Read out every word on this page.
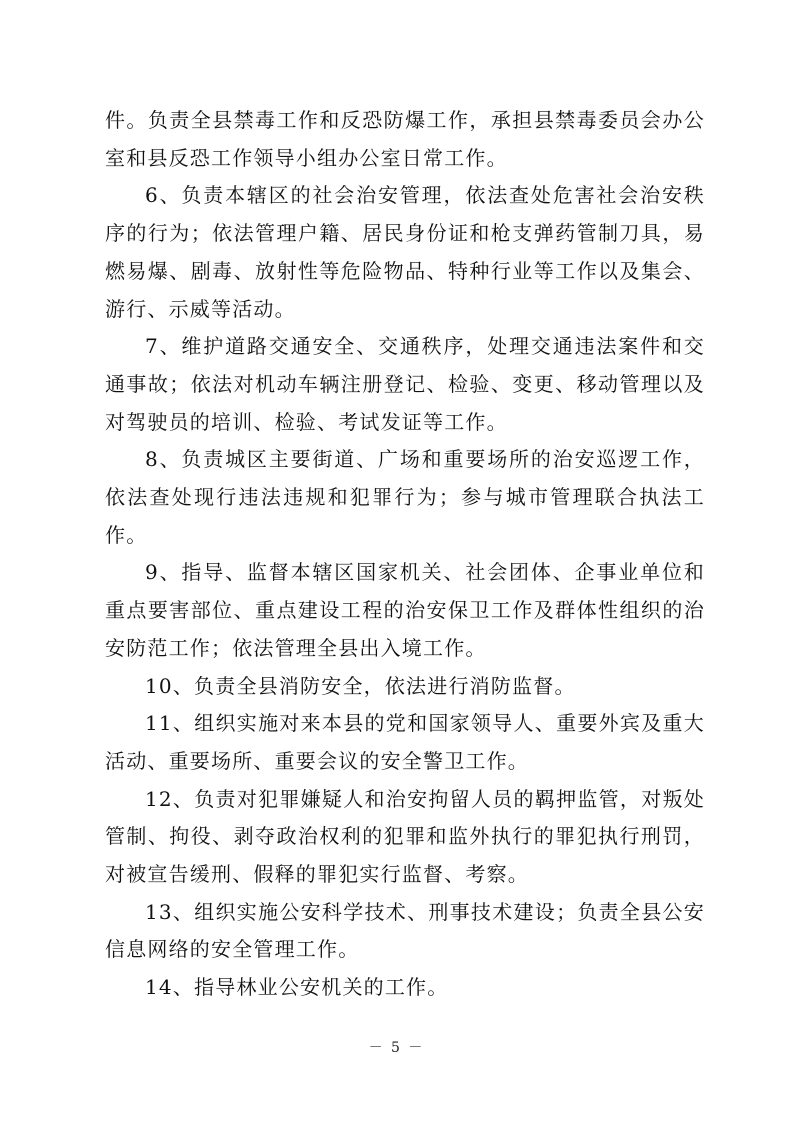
件。负责全县禁毒工作和反恐防爆工作，承担县禁毒委员会办公室和县反恐工作领导小组办公室日常工作。

6、负责本辖区的社会治安管理，依法查处危害社会治安秩序的行为；依法管理户籍、居民身份证和枪支弹药管制刀具，易燃易爆、剧毒、放射性等危险物品、特种行业等工作以及集会、游行、示威等活动。

7、维护道路交通安全、交通秩序，处理交通违法案件和交通事故；依法对机动车辆注册登记、检验、变更、移动管理以及对驾驶员的培训、检验、考试发证等工作。

8、负责城区主要街道、广场和重要场所的治安巡逻工作，依法查处现行违法违规和犯罪行为；参与城市管理联合执法工作。

9、指导、监督本辖区国家机关、社会团体、企事业单位和重点要害部位、重点建设工程的治安保卫工作及群体性组织的治安防范工作；依法管理全县出入境工作。

10、负责全县消防安全，依法进行消防监督。

11、组织实施对来本县的党和国家领导人、重要外宾及重大活动、重要场所、重要会议的安全警卫工作。

12、负责对犯罪嫌疑人和治安拘留人员的羁押监管，对叛处管制、拘役、剥夺政治权利的犯罪和监外执行的罪犯执行刑罚，对被宣告缓刑、假释的罪犯实行监督、考察。

13、组织实施公安科学技术、刑事技术建设；负责全县公安信息网络的安全管理工作。

14、指导林业公安机关的工作。

－ 5 －
